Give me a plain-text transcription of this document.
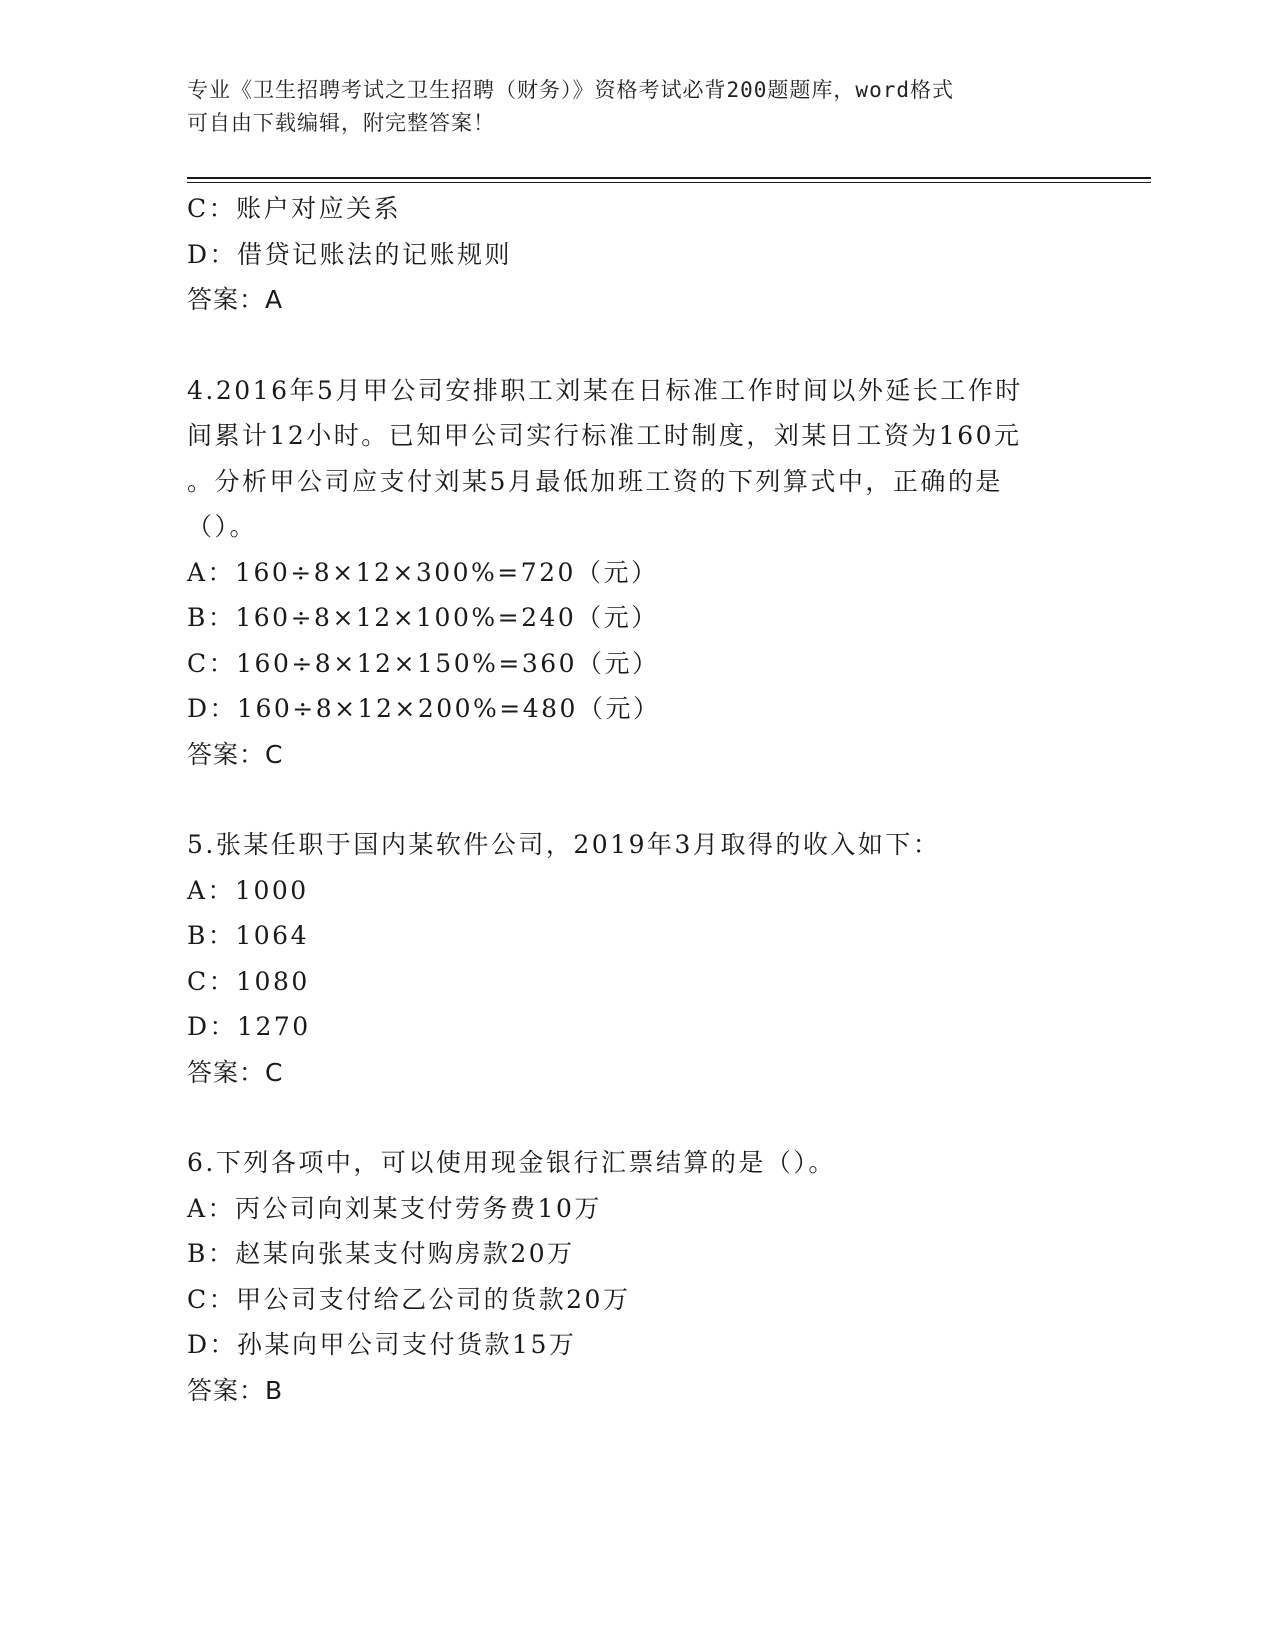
专业《卫生招聘考试之卫生招聘（财务）》资格考试必背200题题库，word格式
可自由下载编辑，附完整答案！
C：账户对应关系
D：借贷记账法的记账规则
答案：A
4.2016年5月甲公司安排职工刘某在日标准工作时间以外延长工作时
间累计12小时。已知甲公司实行标准工时制度，刘某日工资为160元
。分析甲公司应支付刘某5月最低加班工资的下列算式中，正确的是
（）。
A：160÷8×12×300%=720（元）
B：160÷8×12×100%=240（元）
C：160÷8×12×150%=360（元）
D：160÷8×12×200%=480（元）
答案：C
5.张某任职于国内某软件公司，2019年3月取得的收入如下：
A：1000
B：1064
C：1080
D：1270
答案：C
6.下列各项中，可以使用现金银行汇票结算的是（）。
A：丙公司向刘某支付劳务费10万
B：赵某向张某支付购房款20万
C：甲公司支付给乙公司的货款20万
D：孙某向甲公司支付货款15万
答案：B
